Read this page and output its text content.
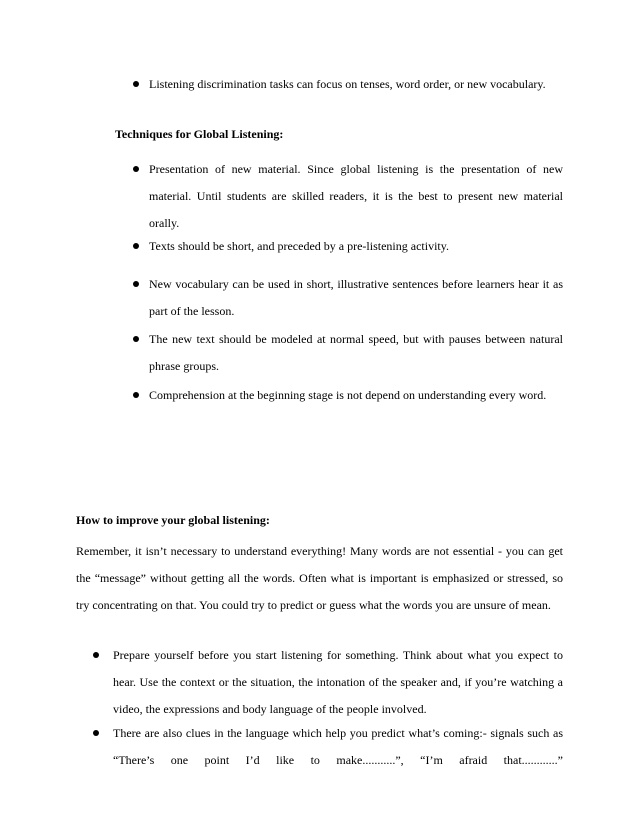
Listening discrimination tasks can focus on tenses, word order, or new vocabulary.
Techniques for Global Listening:
Presentation of new material. Since global listening is the presentation of new material. Until students are skilled readers, it is the best to present new material orally.
Texts should be short, and preceded by a pre-listening activity.
New vocabulary can be used in short, illustrative sentences before learners hear it as part of the lesson.
The new text should be modeled at normal speed, but with pauses between natural phrase groups.
Comprehension at the beginning stage is not depend on understanding every word.
How to improve your global listening:
Remember, it isn’t necessary to understand everything! Many words are not essential - you can get the “message” without getting all the words. Often what is important is emphasized or stressed, so try concentrating on that. You could try to predict or guess what the words you are unsure of mean.
Prepare yourself before you start listening for something. Think about what you expect to hear. Use the context or the situation, the intonation of the speaker and, if you’re watching a video, the expressions and body language of the people involved.
There are also clues in the language which help you predict what’s coming:- signals such as “There’s one point I’d like to make...........”, “I’m afraid that............”
